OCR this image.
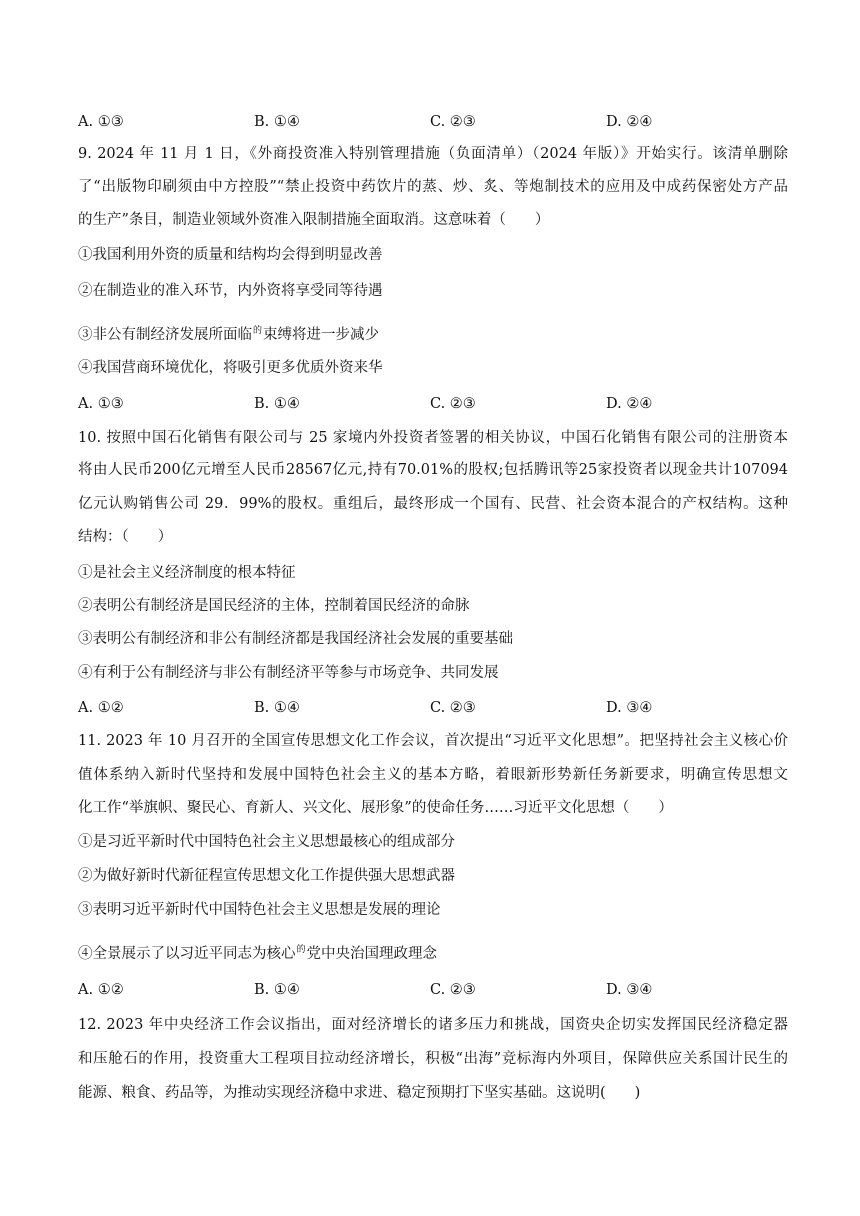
A. ①③	B. ①④	C. ②③	D. ②④
9. 2024 年 11 月 1 日，《外商投资准入特别管理措施（负面清单）（2024 年版）》开始实行。该清单删除
了“出版物印刷须由中方控股”“禁止投资中药饮片的蒸、炒、炙、等炮制技术的应用及中成药保密处方产品
的生产”条目，制造业领域外资准入限制措施全面取消。这意味着（　　）
①我国利用外资的质量和结构均会得到明显改善
②在制造业的准入环节，内外资将享受同等待遇
③非公有制经济发展所面临$^的$束缚将进一步减少
④我国营商环境优化，将吸引更多优质外资来华
A. ①③	B. ①④	C. ②③	D. ②④
10. 按照中国石化销售有限公司与 25 家境内外投资者签署的相关协议，中国石化销售有限公司的注册资本
将由人民币200亿元增至人民币28567亿元,持有70.01%的股权;包括腾讯等25家投资者以现金共计107094
亿元认购销售公司 29．99%的股权。重组后，最终形成一个国有、民营、社会资本混合的产权结构。这种
结构：（　　）
①是社会主义经济制度的根本特征
②表明公有制经济是国民经济的主体，控制着国民经济的命脉
③表明公有制经济和非公有制经济都是我国经济社会发展的重要基础
④有利于公有制经济与非公有制经济平等参与市场竞争、共同发展
A. ①②	B. ①④	C. ②③	D. ③④
11. 2023 年 10 月召开的全国宣传思想文化工作会议，首次提出“习近平文化思想”。把坚持社会主义核心价
值体系纳入新时代坚持和发展中国特色社会主义的基本方略，着眼新形势新任务新要求，明确宣传思想文
化工作“举旗帜、聚民心、育新人、兴文化、展形象”的使命任务……习近平文化思想（　　）
①是习近平新时代中国特色社会主义思想最核心的组成部分
②为做好新时代新征程宣传思想文化工作提供强大思想武器
③表明习近平新时代中国特色社会主义思想是发展的理论
④全景展示了以习近平同志为核心$^的$党中央治国理政理念
A. ①②	B. ①④	C. ②③	D. ③④
12. 2023 年中央经济工作会议指出，面对经济增长的诸多压力和挑战，国资央企切实发挥国民经济稳定器
和压舱石的作用，投资重大工程项目拉动经济增长，积极“出海”竞标海内外项目，保障供应关系国计民生的
能源、粮食、药品等，为推动实现经济稳中求进、稳定预期打下坚实基础。这说明(　　)
